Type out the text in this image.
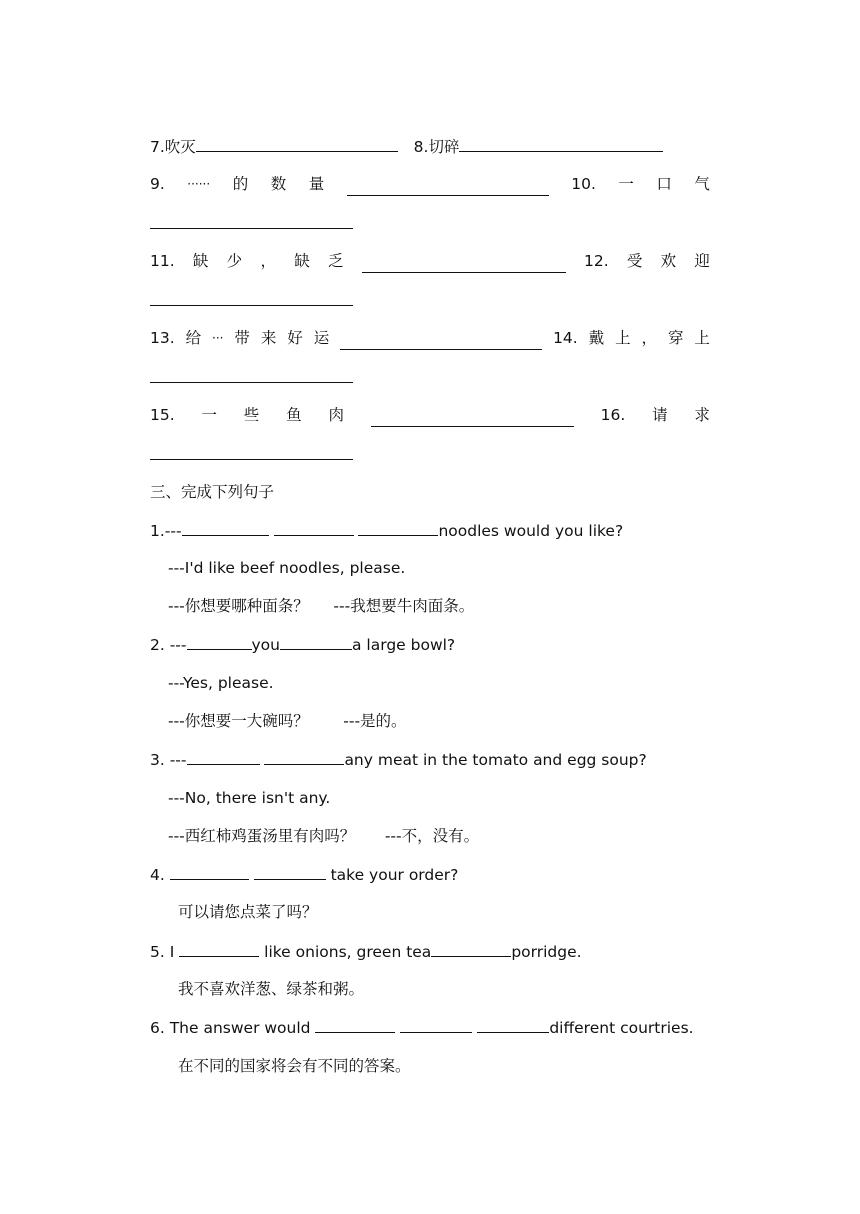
7.吹灭	8.切碎
9. ······ 的 数 量	10. 一 口 气
11. 缺 少 ， 缺 乏	12. 受 欢 迎
13. 给 ··· 带 来 好 运	14. 戴 上 ， 穿 上
15. 一 些 鱼 肉	16. 请 求
三、完成下列句子
1.---	noodles would you like?
---I'd like beef noodles, please.
---你想要哪种面条？     ---我想要牛肉面条。
2. ---	you	a large bowl?
---Yes, please.
---你想要一大碗吗？       ---是的。
3. ---	any meat in the tomato and egg soup?
---No, there isn't any.
---西红柿鸡蛋汤里有肉吗？      ---不，没有。
4.	take your order?
可以请您点菜了吗？
5. I	like onions, green tea	porridge.
我不喜欢洋葱、绿茶和粥。
6. The answer would	different courtries.
在不同的国家将会有不同的答案。
